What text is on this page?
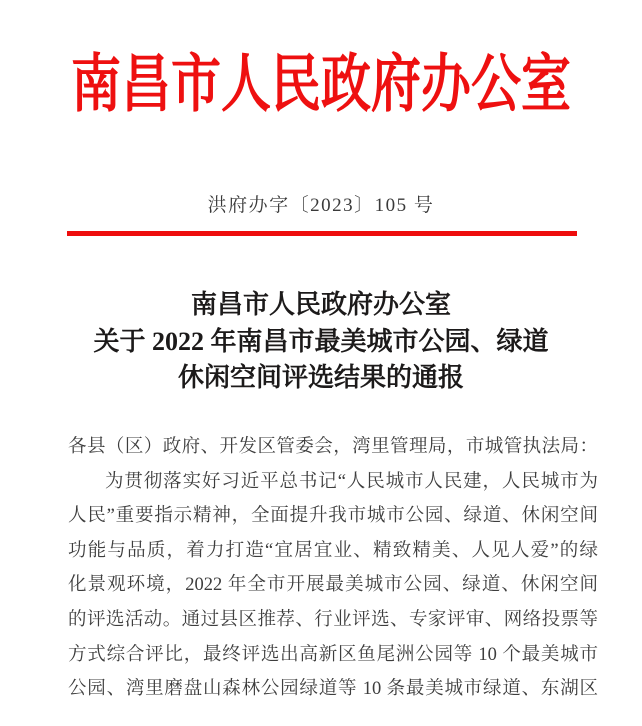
南昌市人民政府办公室
洪府办字〔2023〕105 号
南昌市人民政府办公室
关于 2022 年南昌市最美城市公园、绿道
休闲空间评选结果的通报
各县（区）政府、开发区管委会，湾里管理局，市城管执法局：
为贯彻落实好习近平总书记“人民城市人民建，人民城市为
人民”重要指示精神，全面提升我市城市公园、绿道、休闲空间
功能与品质，着力打造“宜居宜业、精致精美、人见人爱”的绿
化景观环境，2022 年全市开展最美城市公园、绿道、休闲空间
的评选活动。通过县区推荐、行业评选、专家评审、网络投票等
方式综合评比，最终评选出高新区鱼尾洲公园等 10 个最美城市
公园、湾里磨盘山森林公园绿道等 10 条最美城市绿道、东湖区
